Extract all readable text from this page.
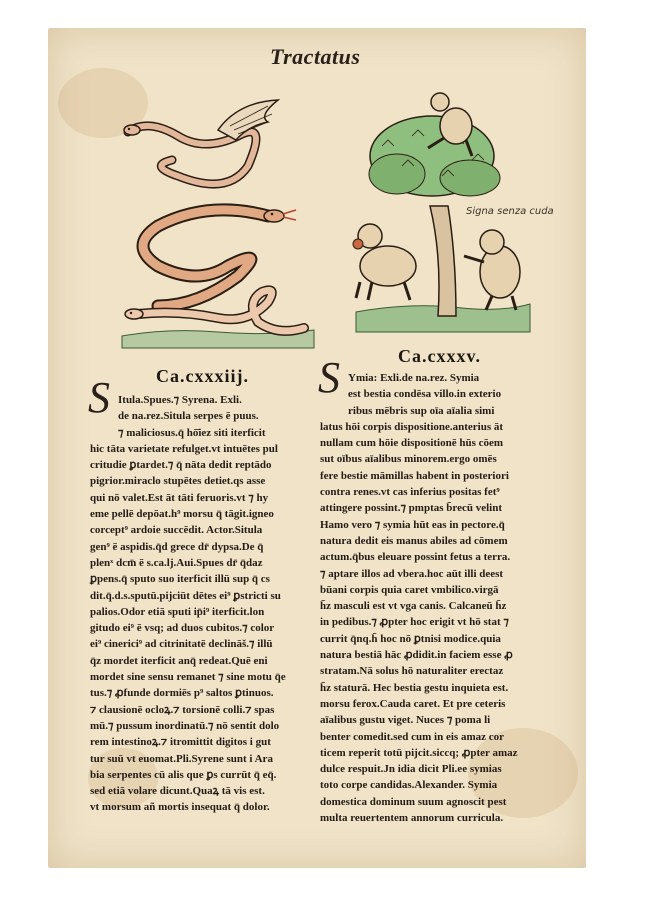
Tractatus
Signa senza cuda
Ca.cxxxiij.
S Itula.Spues.⁊ Syrena. Exli.
de na.rez.Situla serpes ē puus.
⁊ maliciosus.q̄ hō̄iez siti iterficit
hic tāta varietate refulget.vt intuētes pul
critudie ꝑtardet.⁊ q̄ nāta dedit reptādo
pigrior.miraclo stupētes detiet.qs asse
qui nō valet.Est āt tāti feruoris.vt ⁊ hy
eme pellē depōat.h⁹ morsu q̄ tāgit.igneo
corcept⁹ ardoie succēdit. Actor.Situla
gen⁹ ē aspidis.q̄d grece dr̄ dypsa.De q̄
plenͯ dcm̄ ē s.ca.lj.Aui.Spues dr̄ q̄daz
ꝑpens.q̄ sputo suo iterficit illū sup q̄ cs
dit.q̄.d.s.sputū.pijciūt dētes ei⁹ ꝑstricti su
palios.Odor etiā sputi ip̄i⁹ iterficit.lon
gitudo ei⁹ ē vsq; ad duos cubitos.⁊ color
ei⁹ cinerici⁹ ad citrinitatē declināš.⁊ illū
q̄z mordet iterficit anq̄ redeat.Quē eni
mordet sine sensu remanet ⁊ sine motu q̄e
tus.⁊ ꝓfunde dormiēs p⁹ saltos ꝑtinuos.
⁊ clausionē ocloꝝ.⁊ torsionē colli.⁊ spas
mū.⁊ pussum inordinatū.⁊ nō sentit dolo
rem intestinoꝝ.⁊ itromittit digitos i gut
tur suū vt euomat.Pli.Syrene sunt i Ara
bia serpentes cū alis que ꝑs currūt q̄ eq̄.
sed etiā volare dicunt.Quaꝝ tā vis est.
vt morsum añ mortis insequat q̄ dolor.
Ca.cxxxv.
S Ymia: Exli.de na.rez. Symia
est bestia condēsa villo.in exterio
ribus mēbris sup oīa aīalia simi
latus hōi corpis dispositione.anterius āt
nullam cum hōie dispositionē hūs cōem
sut oībus aīalibus minorem.ergo omēs
fere bestie māmillas habent in posteriori
contra renes.vt cas inferius positas fet⁹
attingere possint.⁊ pmptas b̄recū velint
Hamo vero ⁊ symia hūt eas in pectore.q̄
natura dedit eis manus abiles ad cōmem
actum.q̄bus eleuare possint fetus a terra.
⁊ aptare illos ad vbera.hoc aūt illi deest
būani corpis quia caret vmbilico.virgā
h̄z masculi est vt vga canis. Calcaneū h̄z
in pedibus.⁊ ꝓpter hoc erigit vt hō stat ⁊
currit q̄nq.h̄ hoc nō ꝑtnisi modice.quia
natura bestiā hāc ꝓdidit.in faciem esse ꝓ
stratam.Nā solus hō naturaliter erectaz
h̄z staturā. Hec bestia gestu inquieta est.
morsu ferox.Cauda caret. Et pre ceteris
aīalibus gustu viget. Nuces ⁊ poma li
benter comedit.sed cum in eis amaz cor
ticem reperit totū pijcit.siccq; ꝓpter amaz
dulce respuit.Jn idia dicit Pli.ee symias
toto corpe candidas.Alexander. Symia
domestica dominum suum agnoscit pest
multa reuertentem annorum curricula.
